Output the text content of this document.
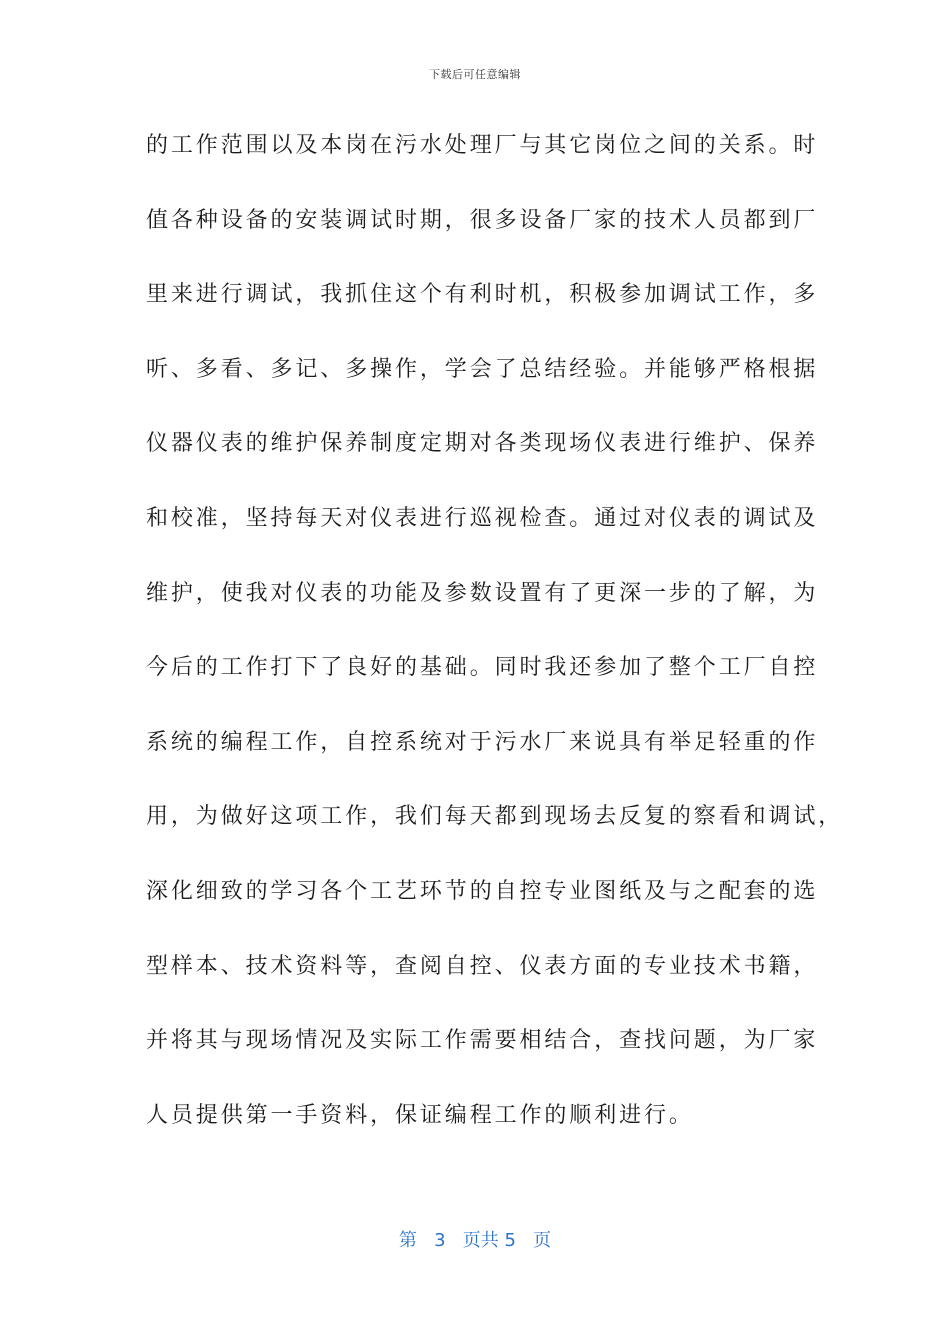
下载后可任意编辑
的工作范围以及本岗在污水处理厂与其它岗位之间的关系。时
值各种设备的安装调试时期，很多设备厂家的技术人员都到厂
里来进行调试，我抓住这个有利时机，积极参加调试工作，多
听、多看、多记、多操作，学会了总结经验。并能够严格根据
仪器仪表的维护保养制度定期对各类现场仪表进行维护、保养
和校准，坚持每天对仪表进行巡视检查。通过对仪表的调试及
维护，使我对仪表的功能及参数设置有了更深一步的了解，为
今后的工作打下了良好的基础。同时我还参加了整个工厂自控
系统的编程工作，自控系统对于污水厂来说具有举足轻重的作
用，为做好这项工作，我们每天都到现场去反复的察看和调试，
深化细致的学习各个工艺环节的自控专业图纸及与之配套的选
型样本、技术资料等，查阅自控、仪表方面的专业技术书籍，
并将其与现场情况及实际工作需要相结合，查找问题，为厂家
人员提供第一手资料，保证编程工作的顺利进行。
第 3 页共 5 页
